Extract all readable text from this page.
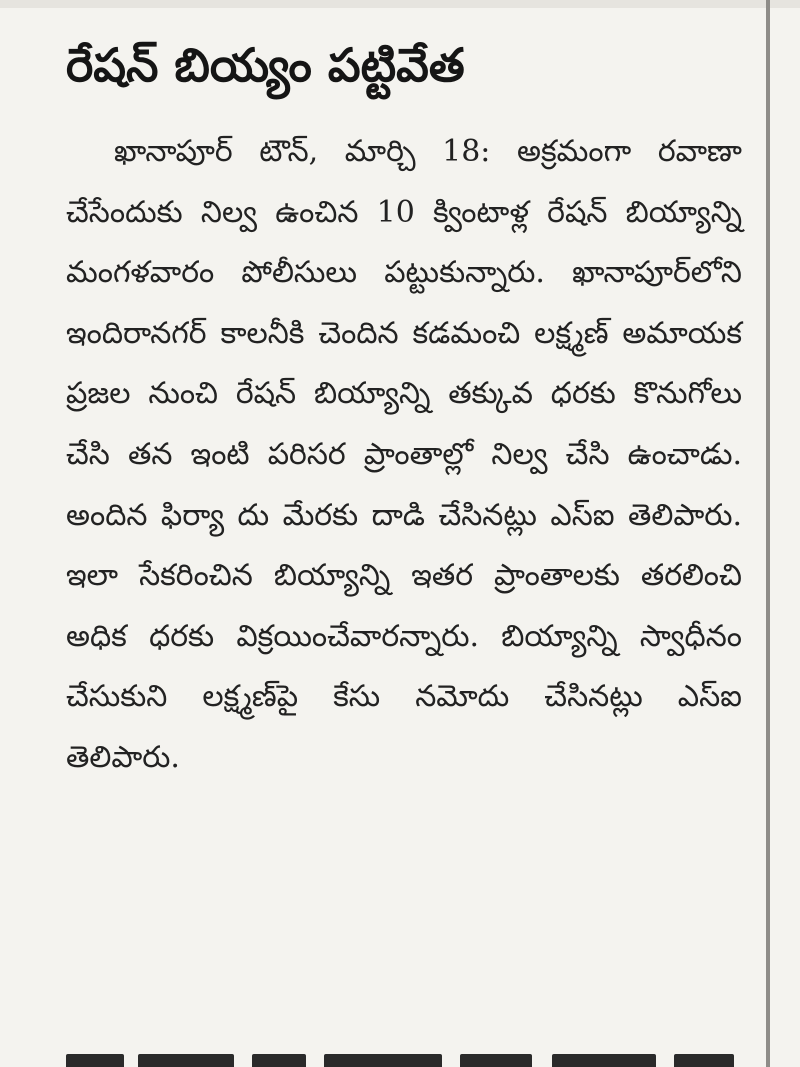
రేషన్ బియ్యం పట్టివేత

ఖానాపూర్ టౌన్, మార్చి 18: అక్రమంగా రవాణా చేసేందుకు నిల్వ ఉంచిన 10 క్వింటాళ్ల రేషన్ బియ్యాన్ని మంగళవారం పోలీసులు పట్టుకున్నారు. ఖానాపూర్‌లోని ఇందిరానగర్ కాలనీకి చెందిన కడమంచి లక్ష్మణ్ అమాయక ప్రజల నుంచి రేషన్ బియ్యాన్ని తక్కువ ధరకు కొనుగోలు చేసి తన ఇంటి పరిసర ప్రాంతాల్లో నిల్వ చేసి ఉంచాడు. అందిన ఫిర్యా దు మేరకు దాడి చేసినట్లు ఎస్ఐ తెలిపారు. ఇలా సేకరించిన బియ్యాన్ని ఇతర ప్రాంతాలకు తరలించి అధిక ధరకు విక్రయించేవారన్నారు. బియ్యాన్ని స్వాధీనం చేసుకుని లక్ష్మణ్‌పై కేసు నమోదు చేసినట్లు ఎస్ఐ తెలిపారు.
